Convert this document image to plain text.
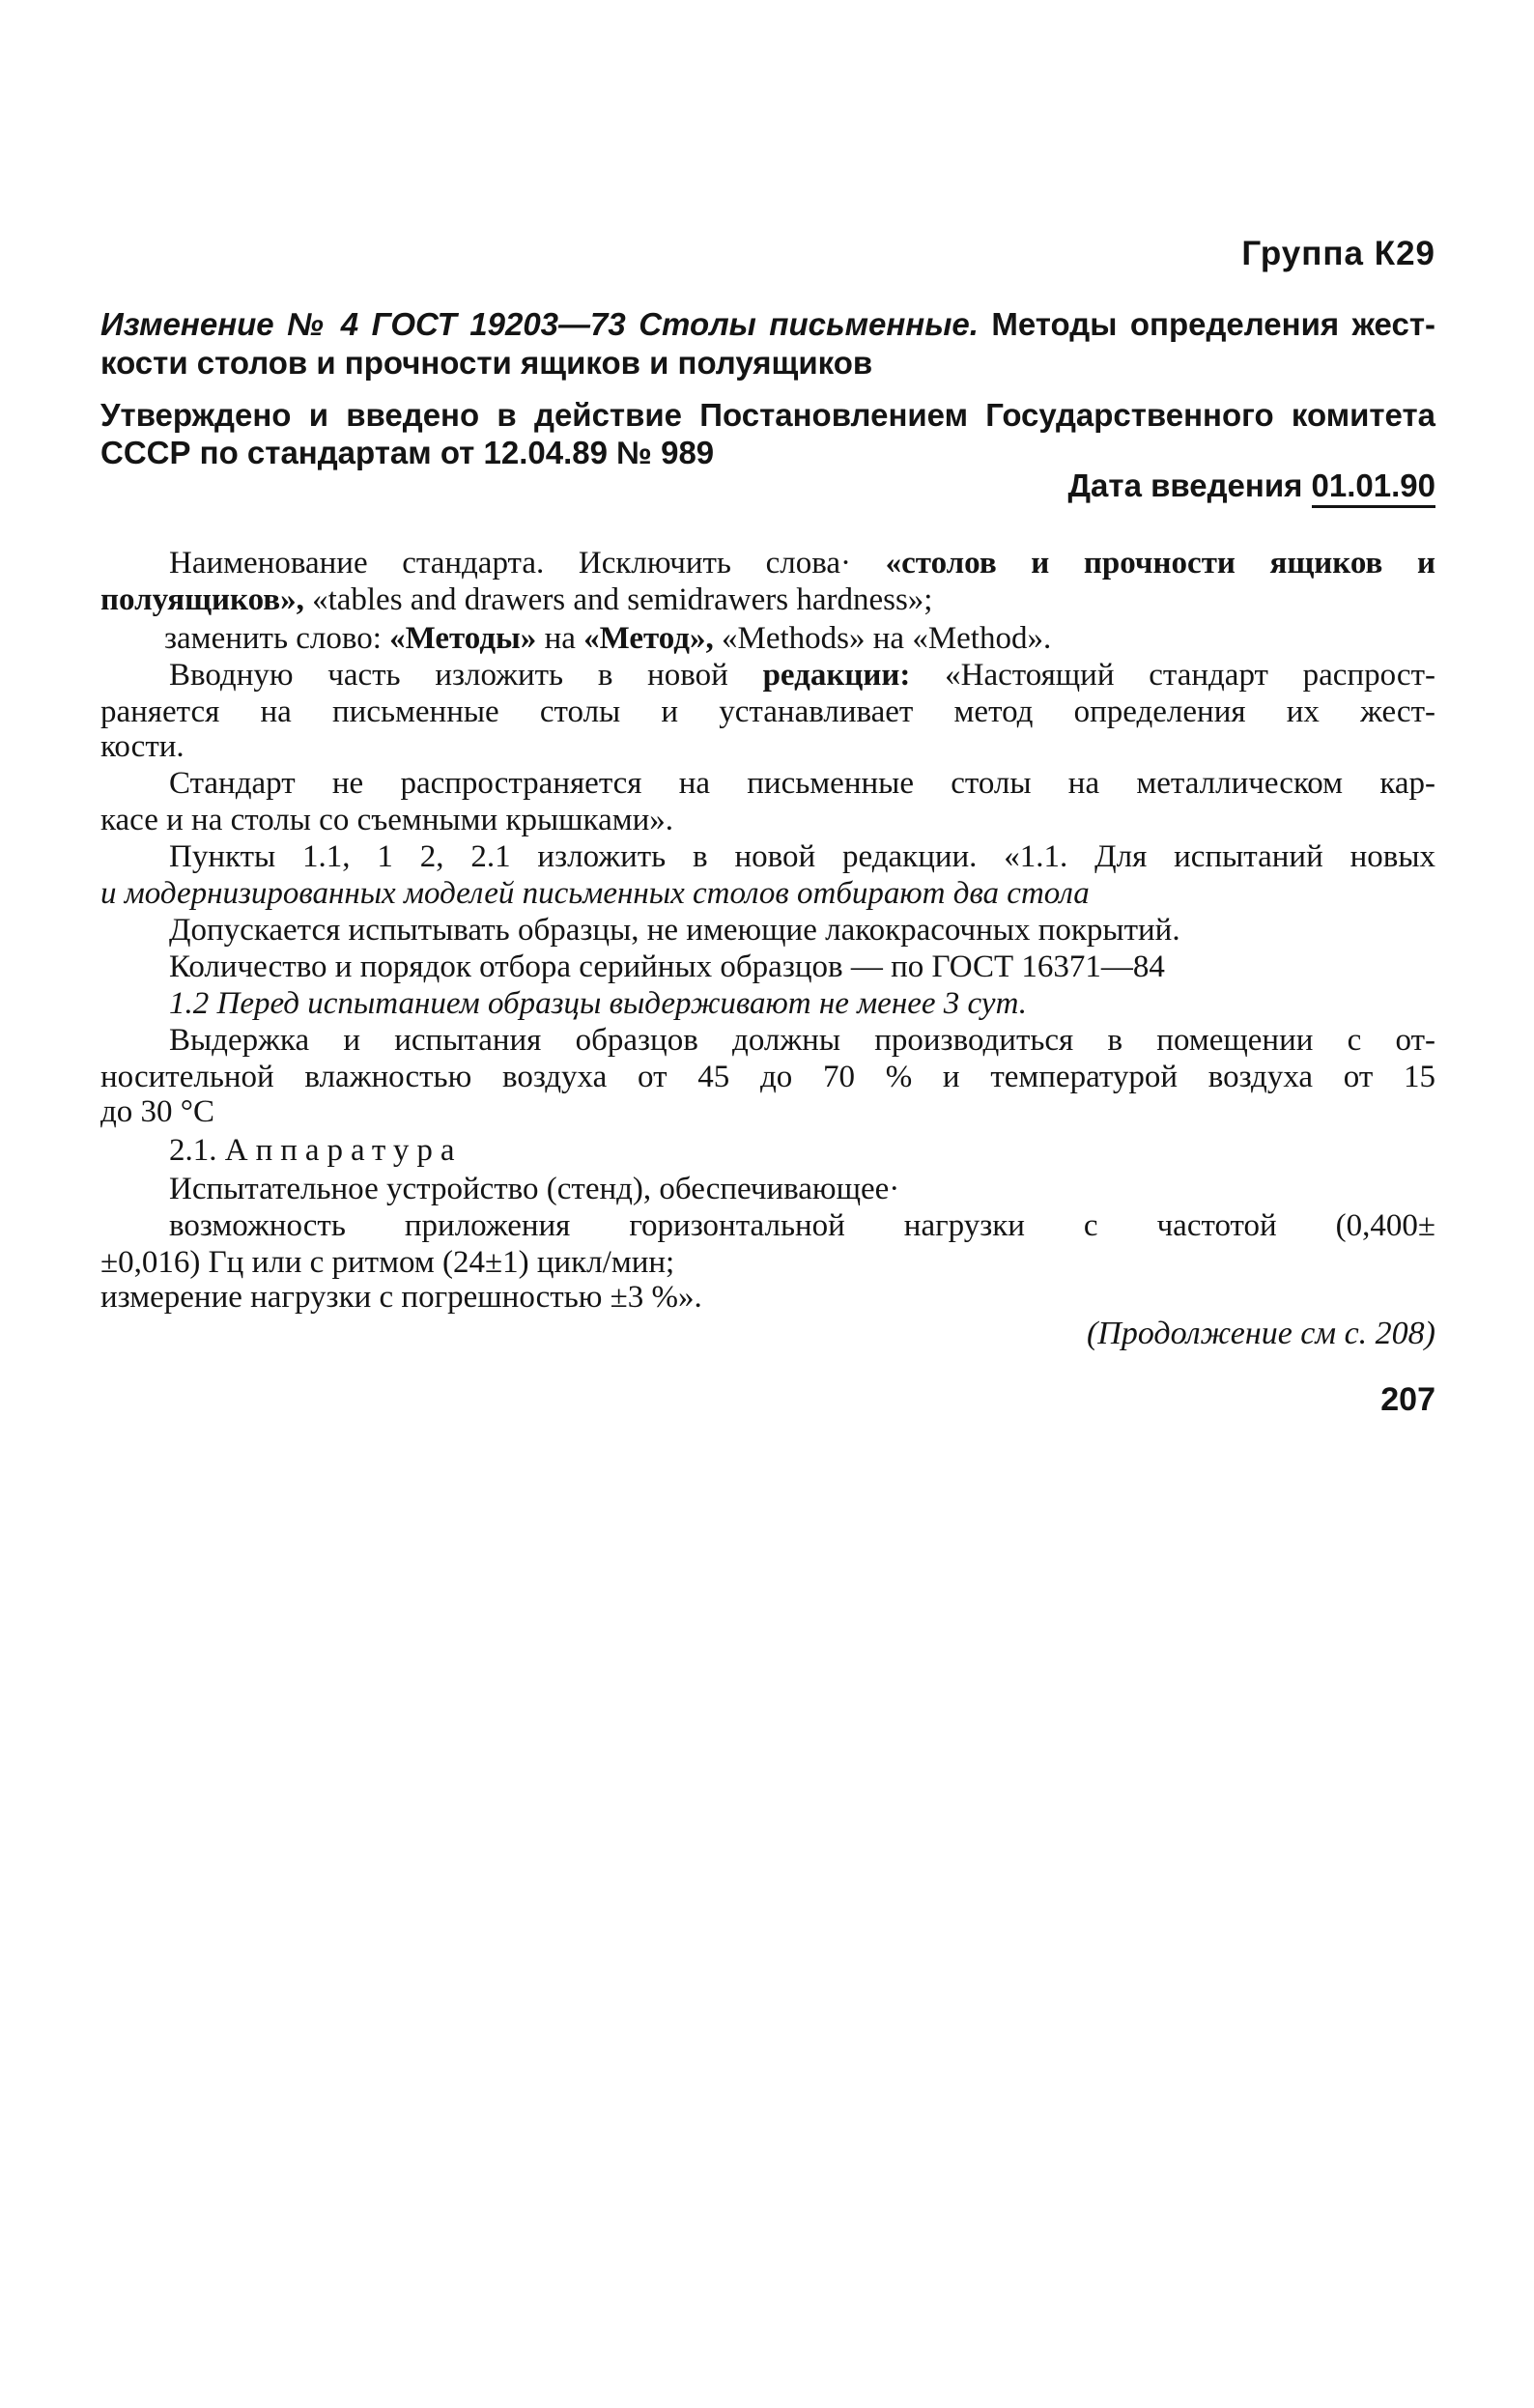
Группа К29

Изменение № 4 ГОСТ 19203—73 Столы письменные. Методы определения жест-
кости столов и прочности ящиков и полуящиков
Утверждено и введено в действие Постановлением Государственного комитета
СССР по стандартам от 12.04.89 № 989
Дата введения 01.01.90
Наименование стандарта. Исключить слова· «столов и прочности ящиков и
полуящиков», «tables and drawers and semidrawers hardness»;
заменить слово: «Методы» на «Метод», «Methods» на «Method».
Вводную часть изложить в новой редакции: «Настоящий стандарт распрост-
раняется на письменные столы и устанавливает метод определения их жест-
кости.
Стандарт не распространяется на письменные столы на металлическом кар-
касе и на столы со съемными крышками».
Пункты 1.1, 1 2, 2.1 изложить в новой редакции. «1.1. Для испытаний новых
и модернизированных моделей письменных столов отбирают два стола
Допускается испытывать образцы, не имеющие лакокрасочных покрытий.
Количество и порядок отбора серийных образцов — по ГОСТ 16371—84
1.2 Перед испытанием образцы выдерживают не менее 3 сут.
Выдержка и испытания образцов должны производиться в помещении с от-
носительной влажностью воздуха от 45 до 70 % и температурой воздуха от 15
до 30 °С
2.1. Аппаратура
Испытательное устройство (стенд), обеспечивающее·
возможность приложения горизонтальной нагрузки с частотой (0,400±
±0,016) Гц или с ритмом (24±1) цикл/мин;
измерение нагрузки с погрешностью ±3 %».

(Продолжение см с. 208)

207
